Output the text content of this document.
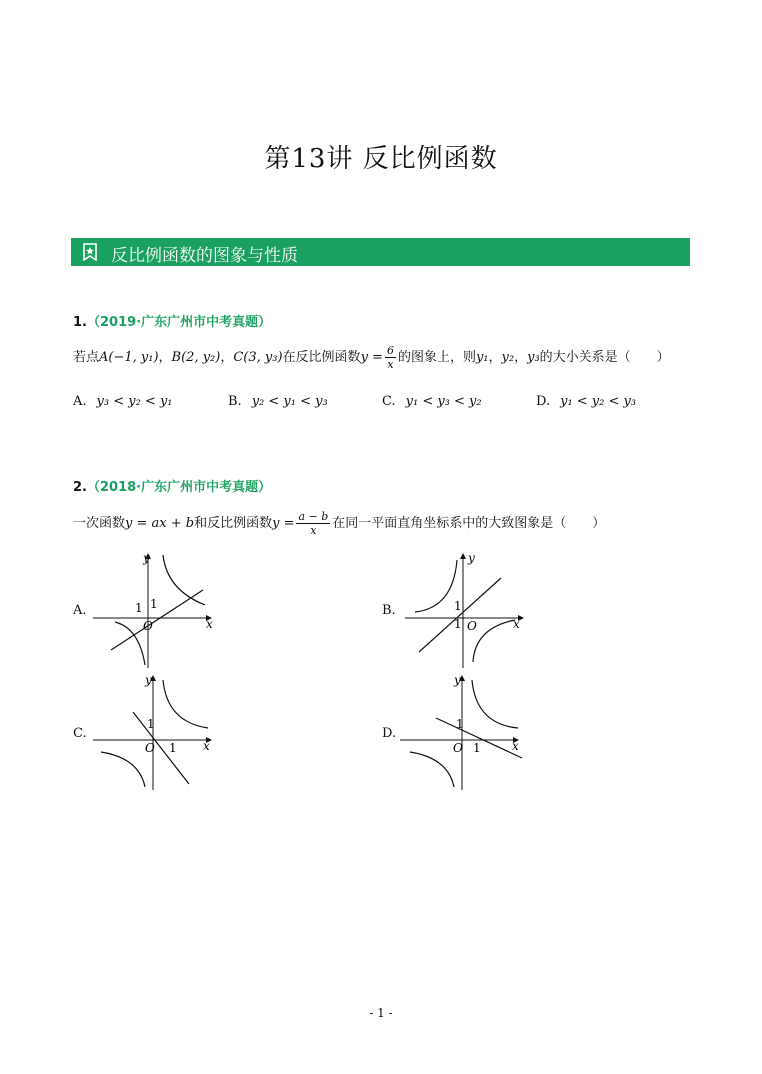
第13讲 反比例函数
反比例函数的图象与性质
1.（2019·广东广州市中考真题）
若点A(−1, y₁)，B(2, y₂)，C(3, y₃)在反比例函数$y = \frac{6}{x}$ 的图象上，则y₁，y₂，y₃的大小关系是（　　）
A. y₃ < y₂ < y₁	B. y₂ < y₁ < y₃	C. y₁ < y₃ < y₂	D. y₁ < y₂ < y₃
2.（2018·广东广州市中考真题）
一次函数y = ax + b和反比例函数$y = \frac{a - b}{x}$ 在同一平面直角坐标系中的大致图象是（　　）
A.
y
x
O
1 1	B.
y
x
O
1
1
C.
y
x
O
1
1
D.
y
x
O
1
1
- 1 -
